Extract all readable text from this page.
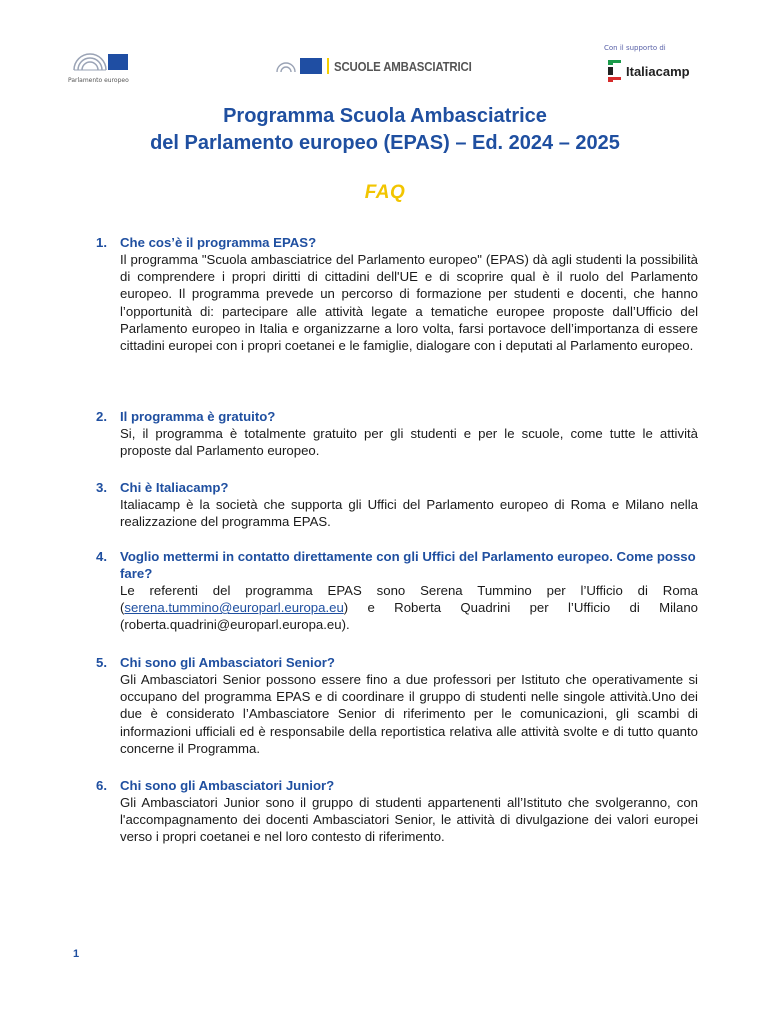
Parlamento europeo
SCUOLE AMBASCIATRICI
Con il supporto di
Italiacamp
Programma Scuola Ambasciatrice
del Parlamento europeo (EPAS) – Ed. 2024 – 2025
FAQ
1. Che cos’è il programma EPAS?
Il programma "Scuola ambasciatrice del Parlamento europeo" (EPAS) dà agli studenti la possibilità di comprendere i propri diritti di cittadini dell'UE e di scoprire qual è il ruolo del Parlamento europeo. Il programma prevede un percorso di formazione per studenti e docenti, che hanno l’opportunità di: partecipare alle attività legate a tematiche europee proposte dall’Ufficio del Parlamento europeo in Italia e organizzarne a loro volta, farsi portavoce dell’importanza di essere cittadini europei con i propri coetanei e le famiglie, dialogare con i deputati al Parlamento europeo.
2. Il programma è gratuito?
Si, il programma è totalmente gratuito per gli studenti e per le scuole, come tutte le attività proposte dal Parlamento europeo.
3. Chi è Italiacamp?
Italiacamp è la società che supporta gli Uffici del Parlamento europeo di Roma e Milano nella realizzazione del programma EPAS.
4. Voglio mettermi in contatto direttamente con gli Uffici del Parlamento europeo. Come posso fare?
Le referenti del programma EPAS sono Serena Tummino per l’Ufficio di Roma (serena.tummino@europarl.europa.eu) e Roberta Quadrini per l’Ufficio di Milano (roberta.quadrini@europarl.europa.eu).
5. Chi sono gli Ambasciatori Senior?
Gli Ambasciatori Senior possono essere fino a due professori per Istituto che operativamente si occupano del programma EPAS e di coordinare il gruppo di studenti nelle singole attività.Uno dei due è considerato l’Ambasciatore Senior di riferimento per le comunicazioni, gli scambi di informazioni ufficiali ed è responsabile della reportistica relativa alle attività svolte e di tutto quanto concerne il Programma.
6. Chi sono gli Ambasciatori Junior?
Gli Ambasciatori Junior sono il gruppo di studenti appartenenti all’Istituto che svolgeranno, con l'accompagnamento dei docenti Ambasciatori Senior, le attività di divulgazione dei valori europei verso i propri coetanei e nel loro contesto di riferimento.
1
